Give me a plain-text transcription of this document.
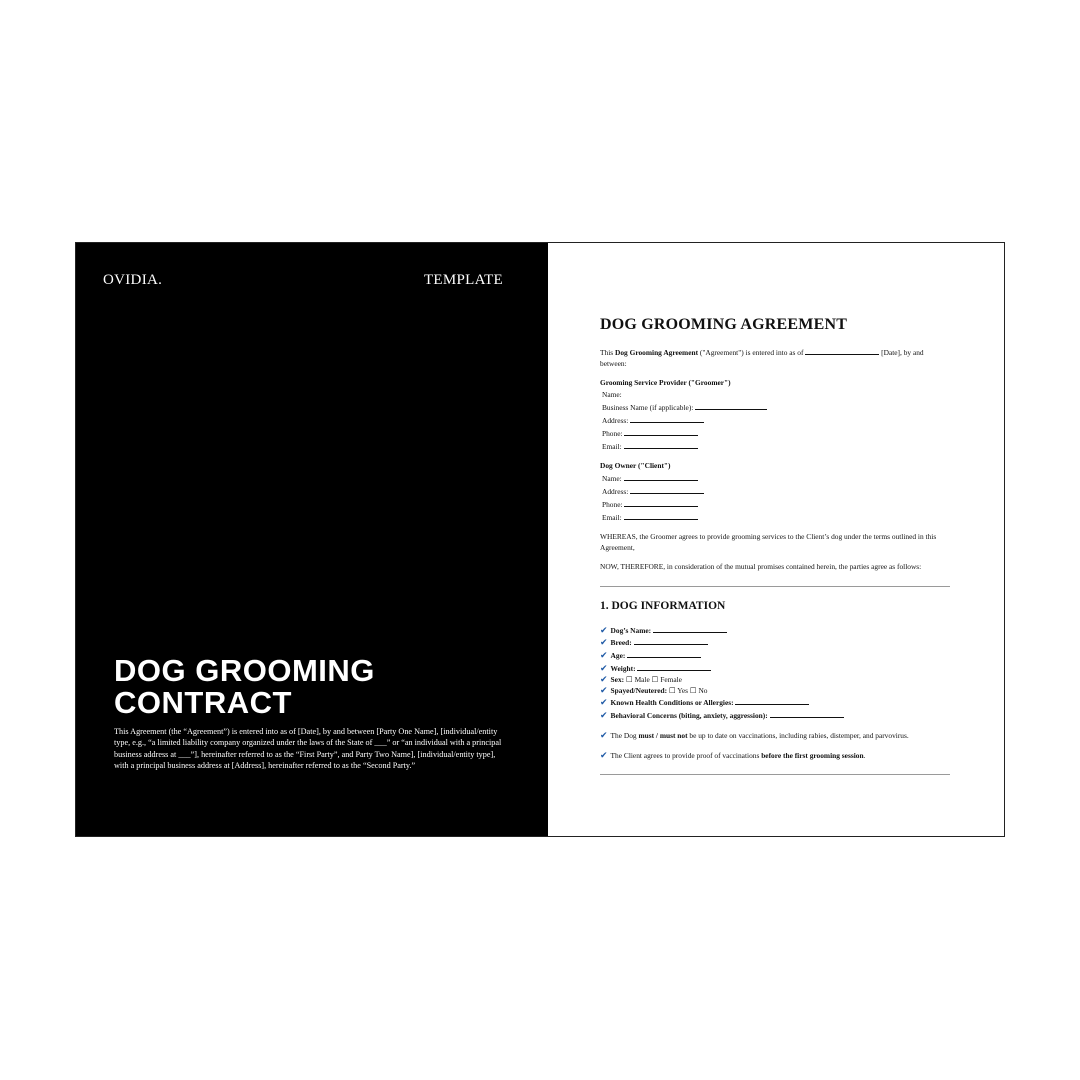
OVIDIA.	TEMPLATE
DOG GROOMING
CONTRACT
This Agreement (the “Agreement”) is entered into as of [Date], by and between [Party One Name], [individual/entity type, e.g., “a limited liability company organized under the laws of the State of ___” or “an individual with a principal business address at ___”], hereinafter referred to as the “First Party”, and Party Two Name], [individual/entity type], with a principal business address at [Address], hereinafter referred to as the “Second Party.”
DOG GROOMING AGREEMENT
This Dog Grooming Agreement ("Agreement") is entered into as of	[Date], by and between:
Grooming Service Provider ("Groomer")
Name:
Business Name (if applicable):
Address:
Phone:
Email:
Dog Owner ("Client")
Name:
Address:
Phone:
Email:
WHEREAS, the Groomer agrees to provide grooming services to the Client’s dog under the terms outlined in this Agreement,
NOW, THEREFORE, in consideration of the mutual promises contained herein, the parties agree as follows:
1. DOG INFORMATION
✔ Dog’s Name:
✔ Breed:
✔ Age:
✔ Weight:
✔ Sex: ☐ Male ☐ Female
✔ Spayed/Neutered: ☐ Yes ☐ No
✔ Known Health Conditions or Allergies:
✔ Behavioral Concerns (biting, anxiety, aggression):
✔ The Dog must / must not be up to date on vaccinations, including rabies, distemper, and parvovirus.
✔ The Client agrees to provide proof of vaccinations before the first grooming session.
